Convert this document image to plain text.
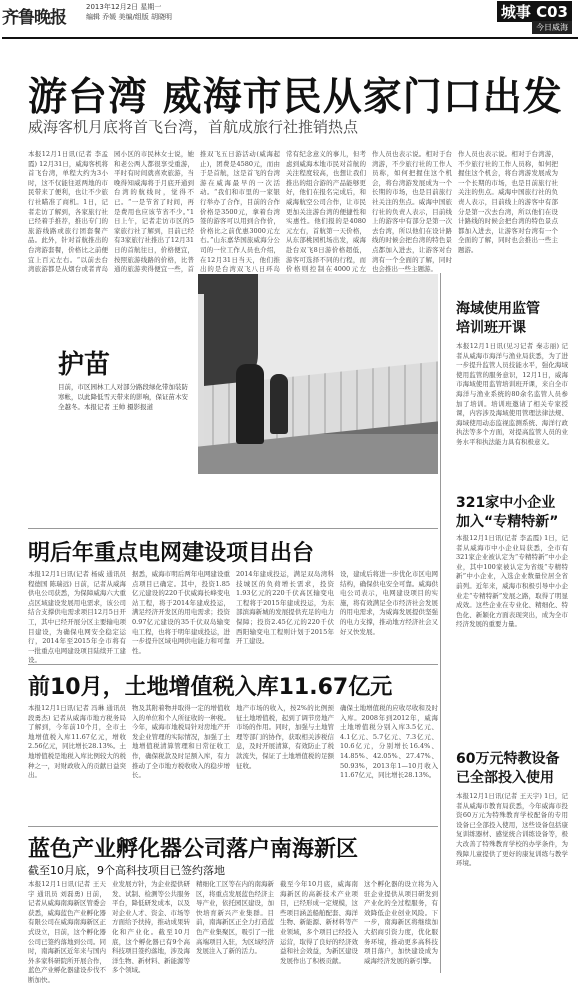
齐鲁晚报
2013年12月2日 星期一
编辑 乔媛 美编/组版 胡晓明	城事 C03
今日威海
游台湾 威海市民从家门口出发
威海客机月底将首飞台湾，首航成旅行社推销热点
本报12月1日讯(记者 李孟霞) 12月31日，威海客机将首飞台湾，单程大约为3小时，这不仅能往返两地的市民带来了便利，也让不少旅行社瞄准了商机。1日，记者走访了解到，各家旅行社已经着手推荐，推出专门的旅游线路或旅行团套餐产品。此外，针对首航推出的台湾游套餐，价格比之前便宜上百元左右。“以前去台湾旅游都是从烟台或者青岛
园小区的市民林女士说，她和老公两人都很享受重游，平时有时间就喜欢旅游，当晚得知威海将于月底开通到台湾的航线时，觉得不已。“一是节省了时间，再是费用也应该节省不少。”1日上午，记者走访市区的5家旅行社了解到，目前已经有3家旅行社推出了12月31日的首航往日，价格便宜，按照旅游线路的价格，比普通的旅游卖得便宜一些，首
推双飞五日游活动(威海起止)，团费是4580元，而由于是首航，这是首飞的台湾游在威海最早的一次活动。“我们和市里的一家银行举办了合作，目前的合作价格是3500元，拿着台湾签的游客可以用到合作价，价格比之前优惠3000元左右。”山东嘉华国旅威海分公司的一位工作人员也介绍，在12月31日当天，他们推出的是台湾双飞八日环岛
常有纪念意义的事儿，但考虑到威海本地市民对首航的关注程度较高，也想让我们推出的组合游的产品能够更好，他们在报名完成后，和威海航空公司合作，让市民更加关注游台湾的便捷性和实惠性。他们报的是4080元左右，首航第一天价格，从东部桃园机场出发，威海赴台双飞8日游价格超低，游客可选择不同的行程，而价格则控制在4000元左
作人员也表示说。相对于台湾游，不少旅行社的工作人员称，如何把握住这个机会，将台湾游发展成为一个长期的市场，也是目前旅行社关注的焦点。威海中国旅行社的负责人表示，目前线上的游客中有部分是第一次去台湾，所以他们在设计路线的时候会把台湾的特色景点都加入进去，让游客对台湾有一个全面的了解，同时也会推出一些主题游。
作人员也表示说。相对于台湾游，不少旅行社的工作人员称，如何把握住这个机会，将台湾游发展成为一个长期的市场，也是目前旅行社关注的焦点。威海中国旅行社的负责人表示，目前线上的游客中有部分是第一次去台湾，所以他们在设计路线的时候会把台湾的特色景点都加入进去，让游客对台湾有一个全面的了解，同时也会推出一些主题游。
护苗
目前，市区园林工人对部分路段绿化带加装防寒帐，以此降低雪天带来的影响，保证苗木安全越冬。本报记者 王帅 摄影报道
海域使用监管
培训班开课
本报12月1日讯(见习记者 秦志丽) 记者从威海市海洋与渔业局获悉，为了进一步提升监管人员技能水平，强化海域使用监管的服务意识，12月1日，威海市海域使用监管培训班开课，来自全市海洋与渔业系统的80余名监管人员参加了培训。培训班邀请了相关专家授课，内容涉及海域使用管理法律法规、海域使用动态监视监测系统、海洋行政执法等多个方面，对提高监管人员的业务水平和执法能力具有积极意义。
321家中小企业
加入“专精特新”
本报12月1日讯(记者 李孟霞) 1日，记者从威海市中小企业局获悉，全市有321家企业被认定为“专精特新”中小企业，其中100家被认定为省级“专精特新”中小企业，入选企业数量位居全省前列。近年来，威海市积极引导中小企业走“专精特新”发展之路，取得了明显成效。这些企业在专业化、精细化、特色化、新颖化方面表现突出，成为全市经济发展的重要力量。
60万元特教设备
已全部投入使用
本报12月1日讯(记者 王天宇) 1日，记者从威海市教育局获悉，今年威海市投资60万元为特殊教育学校配备的专用设备已全部投入使用，这些设备包括康复训练器材、感觉统合训练设备等，极大改善了特殊教育学校的办学条件，为残障儿童提供了更好的康复训练与教学环境。
明后年重点电网建设项目出台
本报12月1日讯(记者 杨威 通讯员 程德国 陈瑞远) 日前，记者从威海供电公司获悉，为保障威海六大重点区域建设发展用电需求，该公司结合支撑供电需求项目12月5日开工，其中已经开展分区主要输电项目建设，为确保电网安全稳定运行，2014年至2015年全市将有一批重点电网建设项目陆续开工建设。
据悉，威海市明后两年电网建设重点项目已确定。其中，投资1.85亿元建设的220千伏威海长峰变电站工程，将于2014年建成投运，满足经济开发区的用电需求；投资0.97亿元建设的35千伏双岛输变电工程，也将于明年建成投运，进一步提升区域电网供电能力和可靠性。
2014年建成投运，满足双岛湾科技城区的负荷增长需求，投资1.93亿元的220千伏高区输变电工程将于2015年建成投运，为东部滨海新城的发展提供充足的电力保障；投资2.45亿元的220千伏西阳输变电工程则计划于2015年开工建设。
设，建成后将进一步优化市区电网结构，确保供电安全可靠。威海供电公司表示，电网建设项目的实施，将有效满足全市经济社会发展的用电需求，为威海发展提供坚强的电力支撑，推动地方经济社会又好又快发展。
前10月，土地增值税入库11.67亿元
本报12月1日讯(记者 冯琳 通讯员 段勇杰) 记者从威海市地方税务局了解到，今年前10个月，全市土地增值税入库11.67亿元，增收2.56亿元，同比增长28.13%。土地增值税是地税入库比例较大的税种之一，对财政收入的贡献日益突出。
物及其附着物并取得一定的增值收入的单位和个人所征收的一种税。今年，威海市地税局针对房地产开发企业管理的实际情况，加强了土地增值税清算管理和日常征收工作，确保税款及时足额入库，有力推动了全市地方税收收入的稳步增长。
地产市场的收入，按2%的比例预征土地增值税，起到了调节房地产市场的作用。同时，加强与土地管理等部门的协作，获取相关涉税信息，及时开展清算，有效防止了税款流失，保证了土地增值税的足额征收。
确保土地增值税的应收尽收和及时入库。2008年到2012年，威海土地增值税分别入库3.5亿元、4.1亿元、5.7亿元、7.3亿元、10.6亿元，分别增长16.4%、14.85%、42.05%、27.47%、50.93%，2013年1—10月收入11.67亿元，同比增长28.13%。
蓝色产业孵化器公司落户南海新区
截至10月底，9个高科技项目已签约落地
本报12月1日讯(记者 王天宇 通讯员 刘磊勇) 日前，记者从威海南海新区管委会获悉，威海蓝色产业孵化器有限公司在威海南海新区正式设立，目前，这个孵化器公司已签约落地到公司。同时，南海新区近年来与国内外多家科研院所开展合作，蓝色产业孵化器建设步伐不断加快。
业发展方针，为企业提供研发、试制、检测等公共服务平台，降低研发成本，以及对企业人才、资金、市场等方面给予扶持，推动成果转化和产业化。截至10月底，这个孵化器已有9个高科技项目签约落地，涉及海洋生物、新材料、新能源等多个领域。
精细化工区等在内的南海新区，将重点发展蓝色经济主导产业，依托园区建设，加快培育新兴产业集群。目前，南海新区正全力打造蓝色产业集聚区，吸引了一批高端项目入驻，为区域经济发展注入了新的活力。
截至今年10月底，威海南海新区的高新技术产业项目，已经形成一定规模，这些项目涵盖船舶配套、海洋生物、新能源、新材料等产业领域，多个项目已经投入运营，取得了良好的经济效益和社会效益，为新区建设发展作出了积极贡献。
这个孵化器的设立将为入驻企业提供从项目研发到产业化的全过程服务，有效降低企业创业风险。下一步，南海新区将继续加大招商引资力度，优化服务环境，推动更多高科技项目落户，加快建设成为威海经济发展的新引擎。
